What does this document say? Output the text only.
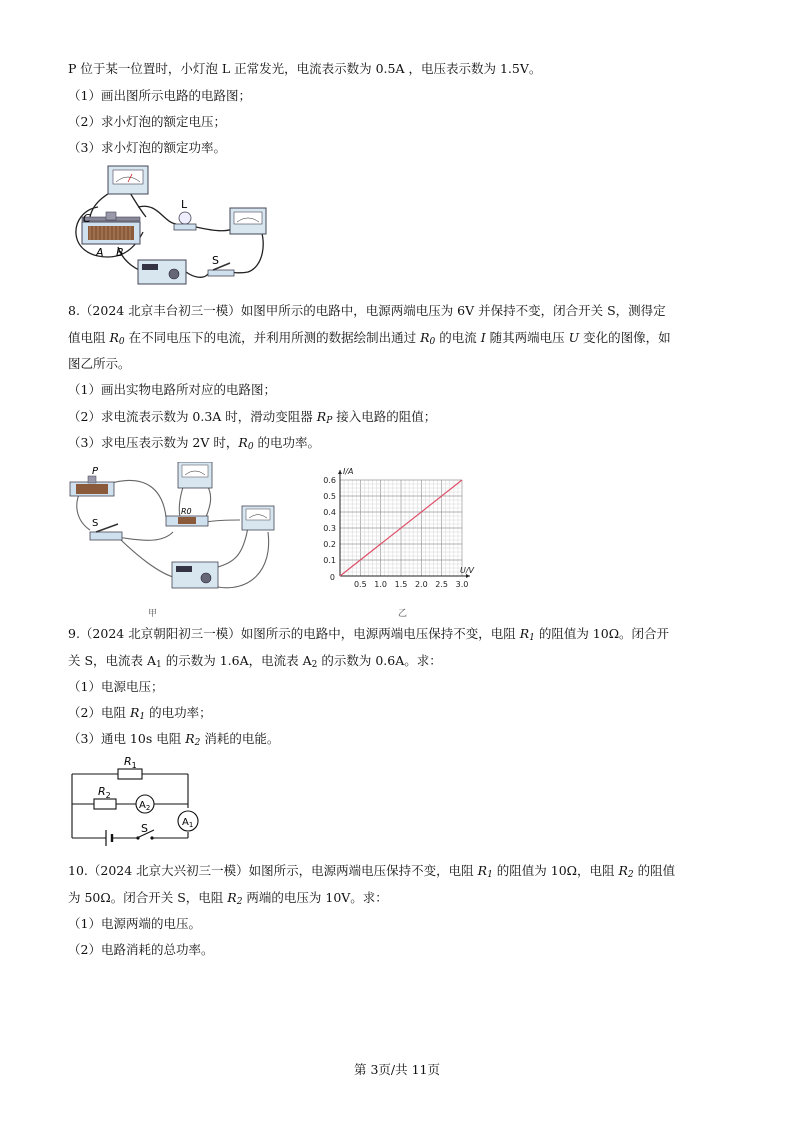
P 位于某一位置时，小灯泡 L 正常发光，电流表示数为 0.5A ，电压表示数为 1.5V。
（1）画出图所示电路的电路图；
（2）求小灯泡的额定电压；
（3）求小灯泡的额定功率。
C
A B
L
S
8.（2024 北京丰台初三一模）如图甲所示的电路中，电源两端电压为 6V 并保持不变，闭合开关 S，测得定
值电阻 $R_0$ 在不同电压下的电流，并利用所测的数据绘制出通过 $R_0$ 的电流 I 随其两端电压 U 变化的图像，如
图乙所示。
（1）画出实物电路所对应的电路图；
（2）求电流表示数为 0.3A 时，滑动变阻器 $R_P$ 接入电路的阻值；
（3）求电压表示数为 2V 时，$R_0$ 的电功率。
P
S
R0
甲
0.5 1.0 1.5 2.0 2.5 3.0
0.1
0.2
0.3
0.4
0.5
0.6
0
U/V
I/A
乙
9.（2024 北京朝阳初三一模）如图所示的电路中，电源两端电压保持不变，电阻 $R_1$ 的阻值为 10Ω。闭合开
关 S，电流表 $A_1$ 的示数为 1.6A，电流表 $A_2$ 的示数为 0.6A。求：
（1）电源电压；
（2）电阻 $R_1$ 的电功率；
（3）通电 10s 电阻 $R_2$ 消耗的电能。
$R_1$
$R_2$
$A_2$
$A_1$
S
10.（2024 北京大兴初三一模）如图所示，电源两端电压保持不变，电阻 $R_1$ 的阻值为 10Ω，电阻 $R_2$ 的阻值
为 50Ω。闭合开关 S，电阻 $R_2$ 两端的电压为 10V。求：
（1）电源两端的电压。
（2）电路消耗的总功率。
第 3页/共 11页
